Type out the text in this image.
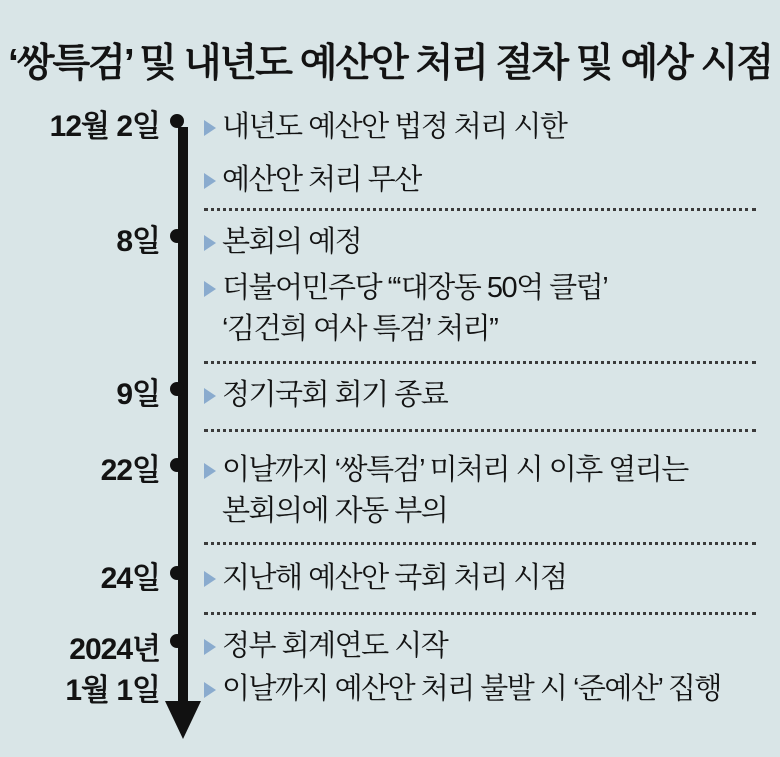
‘쌍특검’ 및 내년도 예산안 처리 절차 및 예상 시점
12월 2일
8일
9일
22일
24일
2024년
1월 1일
내년도 예산안 법정 처리 시한
예산안 처리 무산
본회의 예정
더불어민주당 “‘대장동 50억 클럽’
‘김건희 여사 특검’ 처리”
정기국회 회기 종료
이날까지 ‘쌍특검’ 미처리 시 이후 열리는
본회의에 자동 부의
지난해 예산안 국회 처리 시점
정부 회계연도 시작
이날까지 예산안 처리 불발 시 ‘준예산’ 집행
